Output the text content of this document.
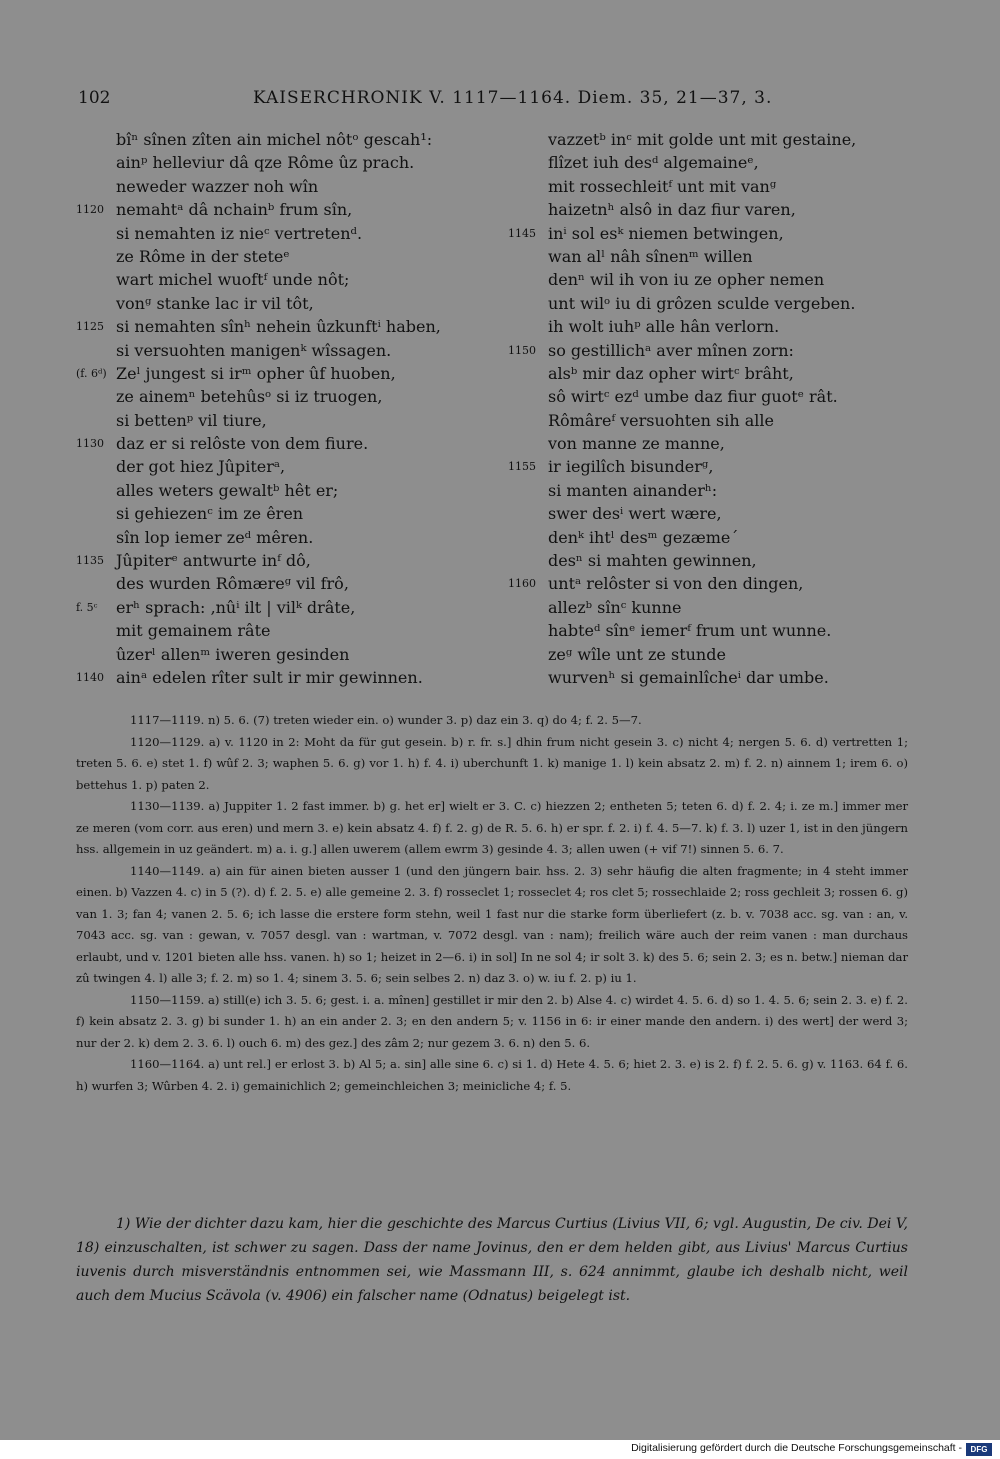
102	KAISERCHRONIK V. 1117—1164. Diem. 35, 21—37, 3.
bîⁿ sînen zîten ain michel nôtᵒ gescah¹:
ainᵖ helleviur dâ qze Rôme ûz prach.
neweder wazzer noh wîn
1120 nemahtᵃ dâ nchainᵇ frum sîn,
si nemahten iz nieᶜ vertretenᵈ.
ze Rôme in der steteᵉ
wart michel wuoftᶠ unde nôt;
vonᵍ stanke lac ir vil tôt,
1125 si nemahten sînʰ nehein ûzkunftⁱ haben,
si versuohten manigenᵏ wîssagen.
(f. 6ᵈ) Zeˡ jungest si irᵐ opher ûf huoben,
ze ainemⁿ betehûsᵒ si iz truogen,
si bettenᵖ vil tiure,
1130 daz er si relôste von dem fiure.
der got hiez Jûpiterᵃ,
alles weters gewaltᵇ hêt er;
si gehiezenᶜ im ze êren
sîn lop iemer zeᵈ mêren.
1135 Jûpiterᵉ antwurte inᶠ dô,
des wurden Rômæreᵍ vil frô,
f. 5ᶜ	erʰ sprach: ‚nûⁱ ilt | vilᵏ drâte,
mit gemainem râte
ûzerˡ allenᵐ iweren gesinden
1140 ainᵃ edelen rîter sult ir mir gewinnen.
vazzetᵇ inᶜ mit golde unt mit gestaine,
flîzet iuh desᵈ algemaineᵉ,
mit rossechleitᶠ unt mit vanᵍ
haizetnʰ alsô in daz fiur varen,
1145 inⁱ sol esᵏ niemen betwingen,
wan alˡ nâh sînenᵐ willen
denⁿ wil ih von iu ze opher nemen
unt wilᵒ iu di grôzen sculde vergeben.
ih wolt iuhᵖ alle hân verlorn.
1150 so gestillichᵃ aver mînen zorn:
alsᵇ mir daz opher wirtᶜ brâht,
sô wirtᶜ ezᵈ umbe daz fiur guotᵉ rât.
Rômâreᶠ versuohten sih alle
von manne ze manne,
1155 ir iegilîch bisunderᵍ,
si manten ainanderʰ:
swer desⁱ wert wære,
denᵏ ihtˡ desᵐ gezæme´
desⁿ si mahten gewinnen,
1160 untᵃ relôster si von den dingen,
allezᵇ sînᶜ kunne
habteᵈ sînᵉ iemerᶠ frum unt wunne.
zeᵍ wîle unt ze stunde
wurvenʰ si gemainlîcheⁱ dar umbe.

1117—1119. n) 5. 6. (7) treten wieder ein. o) wunder 3. p) daz ein 3. q) do 4; f. 2. 5—7.

1120—1129. a) v. 1120 in 2: Moht da für gut gesein. b) r. fr. s.] dhin frum nicht gesein 3. c) nicht 4; nergen 5. 6. d) vertretten 1; treten 5. 6. e) stet 1. f) wûf 2. 3; waphen 5. 6. g) vor 1. h) f. 4. i) uberchunft 1. k) manige 1. l) kein absatz 2. m) f. 2. n) ainnem 1; irem 6. o) bettehus 1. p) paten 2.

1130—1139. a) Juppiter 1. 2 fast immer. b) g. het er] wielt er 3. C. c) hiezzen 2; entheten 5; teten 6. d) f. 2. 4; i. ze m.] immer mer ze meren (vom corr. aus eren) und mern 3. e) kein absatz 4. f) f. 2. g) de R. 5. 6. h) er spr. f. 2. i) f. 4. 5—7. k) f. 3. l) uzer 1, ist in den jüngern hss. allgemein in uz geändert. m) a. i. g.] allen uwerem (allem ewrm 3) gesinde 4. 3; allen uwen (+ vif 7!) sinnen 5. 6. 7.

1140—1149. a) ain für ainen bieten ausser 1 (und den jüngern bair. hss. 2. 3) sehr häufig die alten fragmente; in 4 steht immer einen. b) Vazzen 4. c) in 5 (?). d) f. 2. 5. e) alle gemeine 2. 3. f) rosseclet 1; rosseclet 4; ros clet 5; rossechlaide 2; ross gechleit 3; rossen 6. g) van 1. 3; fan 4; vanen 2. 5. 6; ich lasse die erstere form stehn, weil 1 fast nur die starke form überliefert (z. b. v. 7038 acc. sg. van : an, v. 7043 acc. sg. van : gewan, v. 7057 desgl. van : wartman, v. 7072 desgl. van : nam); freilich wäre auch der reim vanen : man durchaus erlaubt, und v. 1201 bieten alle hss. vanen. h) so 1; heizet in 2—6. i) in sol] In ne sol 4; ir solt 3. k) des 5. 6; sein 2. 3; es n. betw.] nieman dar zû twingen 4. l) alle 3; f. 2. m) so 1. 4; sinem 3. 5. 6; sein selbes 2. n) daz 3. o) w. iu f. 2. p) iu 1.

1150—1159. a) still(e) ich 3. 5. 6; gest. i. a. mînen] gestillet ir mir den 2. b) Alse 4. c) wirdet 4. 5. 6. d) so 1. 4. 5. 6; sein 2. 3. e) f. 2. f) kein absatz 2. 3. g) bi sunder 1. h) an ein ander 2. 3; en den andern 5; v. 1156 in 6: ir einer mande den andern. i) des wert] der werd 3; nur der 2. k) dem 2. 3. 6. l) ouch 6. m) des gez.] des zâm 2; nur gezem 3. 6. n) den 5. 6.

1160—1164. a) unt rel.] er erlost 3. b) Al 5; a. sin] alle sine 6. c) si 1. d) Hete 4. 5. 6; hiet 2. 3. e) is 2. f) f. 2. 5. 6. g) v. 1163. 64 f. 6. h) wurfen 3; Wûrben 4. 2. i) gemainichlich 2; gemeinchleichen 3; meinicliche 4; f. 5.

1) Wie der dichter dazu kam, hier die geschichte des Marcus Curtius (Livius VII, 6; vgl. Augustin, De civ. Dei V, 18) einzuschalten, ist schwer zu sagen. Dass der name Jovinus, den er dem helden gibt, aus Livius' Marcus Curtius iuvenis durch misverständnis entnommen sei, wie Massmann III, s. 624 annimmt, glaube ich deshalb nicht, weil auch dem Mucius Scävola (v. 4906) ein falscher name (Odnatus) beigelegt ist.

Digitalisierung gefördert durch die Deutsche Forschungsgemeinschaft -	DFG
